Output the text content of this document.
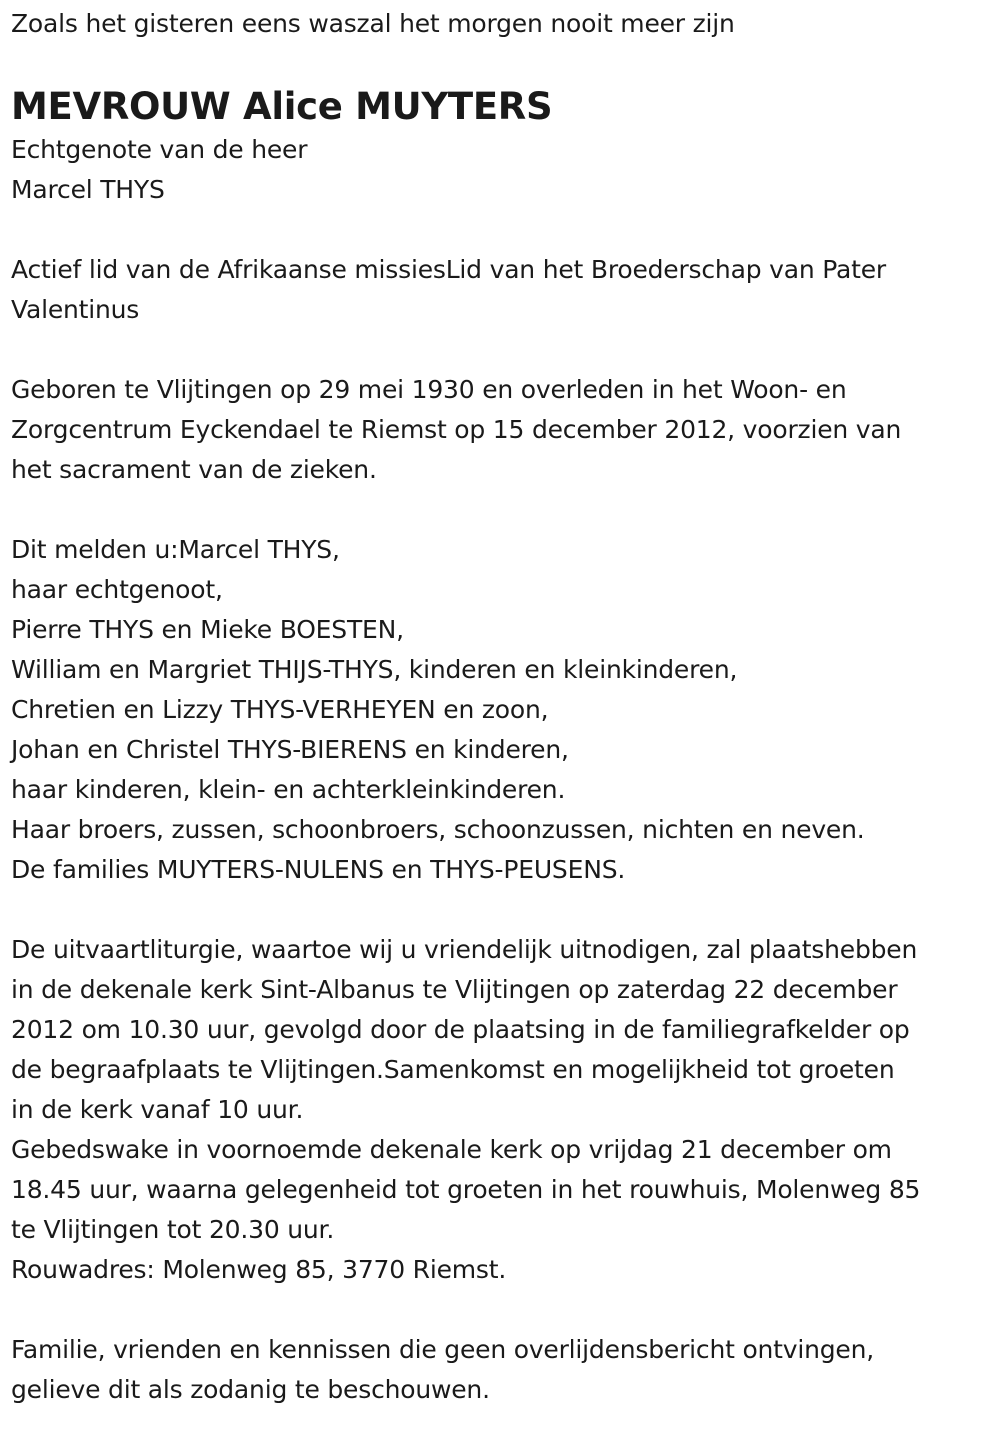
Zoals het gisteren eens waszal het morgen nooit meer zijn
MEVROUW Alice MUYTERS
Echtgenote van de heer
Marcel THYS
Actief lid van de Afrikaanse missiesLid van het Broederschap van Pater
Valentinus
Geboren te Vlijtingen op 29 mei 1930 en overleden in het Woon- en
Zorgcentrum Eyckendael te Riemst op 15 december 2012, voorzien van
het sacrament van de zieken.
Dit melden u:Marcel THYS,
haar echtgenoot,
Pierre THYS en Mieke BOESTEN,
William en Margriet THIJS-THYS, kinderen en kleinkinderen,
Chretien en Lizzy THYS-VERHEYEN en zoon,
Johan en Christel THYS-BIERENS en kinderen,
haar kinderen, klein- en achterkleinkinderen.
Haar broers, zussen, schoonbroers, schoonzussen, nichten en neven.
De families MUYTERS-NULENS en THYS-PEUSENS.
De uitvaartliturgie, waartoe wij u vriendelijk uitnodigen, zal plaatshebben
in de dekenale kerk Sint-Albanus te Vlijtingen op zaterdag 22 december
2012 om 10.30 uur, gevolgd door de plaatsing in de familiegrafkelder op
de begraafplaats te Vlijtingen.Samenkomst en mogelijkheid tot groeten
in de kerk vanaf 10 uur.
Gebedswake in voornoemde dekenale kerk op vrijdag 21 december om
18.45 uur, waarna gelegenheid tot groeten in het rouwhuis, Molenweg 85
te Vlijtingen tot 20.30 uur.
Rouwadres: Molenweg 85, 3770 Riemst.
Familie, vrienden en kennissen die geen overlijdensbericht ontvingen,
gelieve dit als zodanig te beschouwen.
